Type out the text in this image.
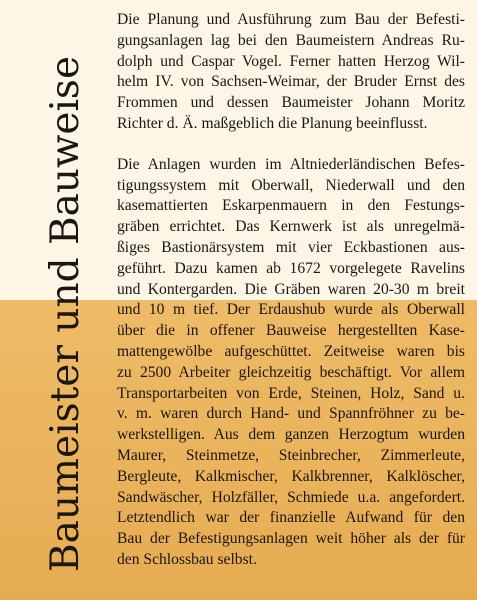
Baumeister und Bauweise

Die Planung und Ausführung zum Bau der Befesti-
gungsanlagen lag bei den Baumeistern Andreas Ru-
dolph und Caspar Vogel. Ferner hatten Herzog Wil-
helm IV. von Sachsen-Weimar, der Bruder Ernst des
Frommen und dessen Baumeister Johann Moritz
Richter d. Ä. maßgeblich die Planung beeinflusst.

Die Anlagen wurden im Altniederländischen Befes-
tigungssystem mit Oberwall, Niederwall und den
kasemattierten Eskarpenmauern in den Festungs-
gräben errichtet. Das Kernwerk ist als unregelmä-
ßiges Bastionärsystem mit vier Eckbastionen aus-
geführt. Dazu kamen ab 1672 vorgelegete Ravelins
und Kontergarden. Die Gräben waren 20-30 m breit
und 10 m tief. Der Erdaushub wurde als Oberwall
über die in offener Bauweise hergestellten Kase-
mattengewölbe aufgeschüttet. Zeitweise waren bis
zu 2500 Arbeiter gleichzeitig beschäftigt. Vor allem
Transportarbeiten von Erde, Steinen, Holz, Sand u.
v. m. waren durch Hand- und Spannfröhner zu be-
werkstelligen. Aus dem ganzen Herzogtum wurden
Maurer, Steinmetze, Steinbrecher, Zimmerleute,
Bergleute, Kalkmischer, Kalkbrenner, Kalklöscher,
Sandwäscher, Holzfäller, Schmiede u.a. angefordert.
Letztendlich war der finanzielle Aufwand für den
Bau der Befestigungsanlagen weit höher als der für
den Schlossbau selbst.
